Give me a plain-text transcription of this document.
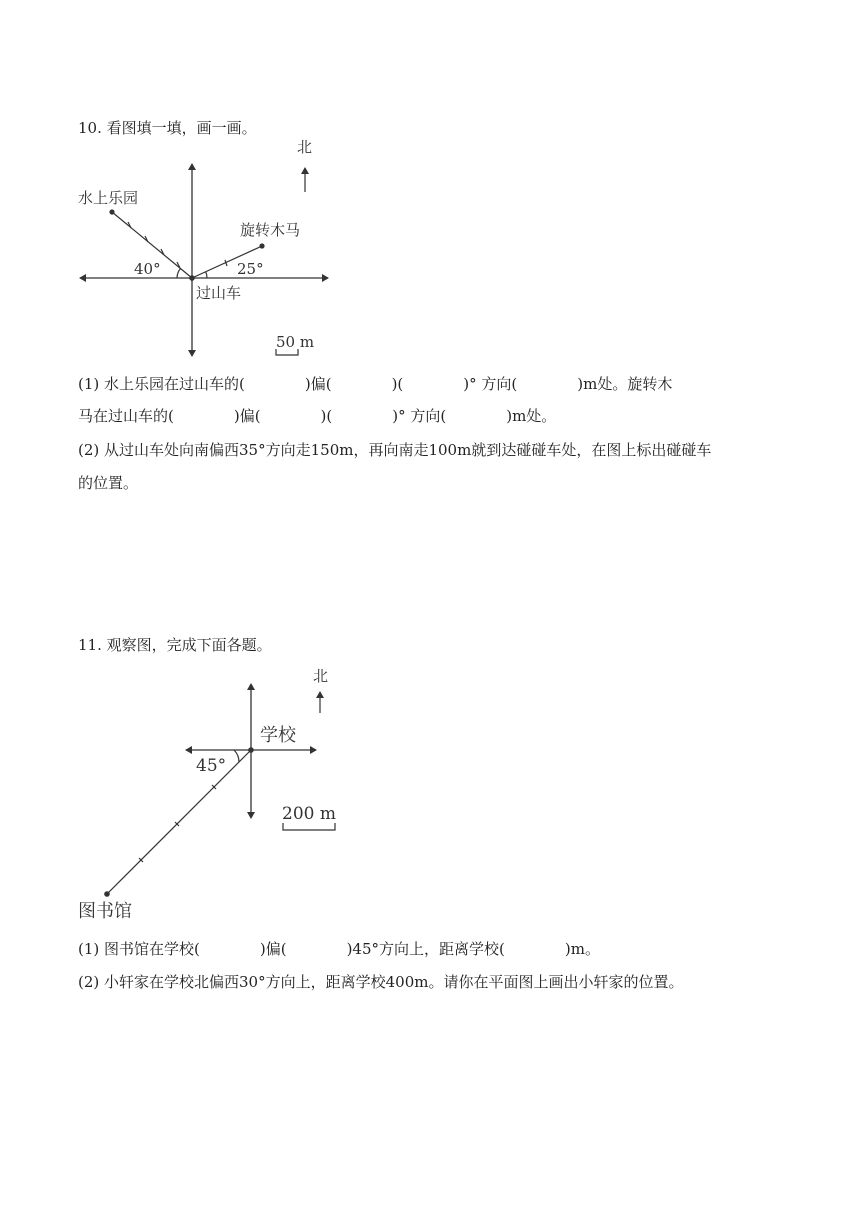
10. 看图填一填，画一画。
北
水上乐园
旋转木马
过山车
40°	25°
50 m
北
学校
45°
图书馆
200 m
(1) 水上乐园在过山车的(　　　　)偏(　　　　)(　　　　)° 方向(　　　　)m处。旋转木
马在过山车的(　　　　)偏(　　　　)(　　　　)° 方向(　　　　)m处。
(2) 从过山车处向南偏西35°方向走150m，再向南走100m就到达碰碰车处，在图上标出碰碰车
的位置。
11. 观察图，完成下面各题。
(1) 图书馆在学校(　　　　)偏(　　　　)45°方向上，距离学校(　　　　)m。
(2) 小轩家在学校北偏西30°方向上，距离学校400m。请你在平面图上画出小轩家的位置。
